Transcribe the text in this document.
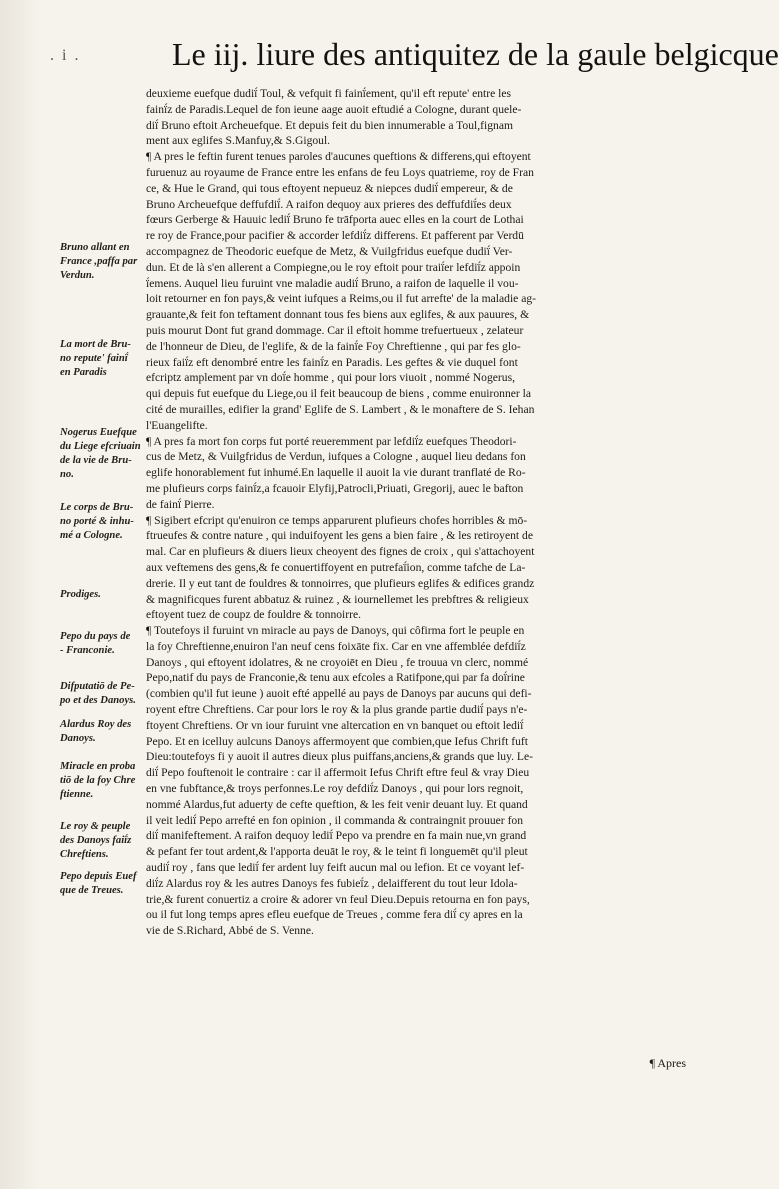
. i .	Le iij. liure des antiquitez de la gaule belgicque
deuxieme euefque dudiḯ Toul, & vefquit fi fainḯement, qu'il eft repute' entre les
fainḯz de Paradis.Lequel de fon ieune aage auoit eftudié a Cologne, durant quele-
diḯ Bruno eftoit Archeuefque. Et depuis feit du bien innumerable a Toul,fignam
ment aux eglifes S.Manfuy,& S.Gigoul.
¶ A pres le feftin furent tenues paroles d'aucunes queftions & differens,qui eftoyent
furuenuz au royaume de France entre les enfans de feu Loys quatrieme, roy de Fran
ce, & Hue le Grand, qui tous eftoyent nepueuz & niepces dudiḯ empereur, & de
Bruno Archeuefque deffufdiḯ. A raifon dequoy aux prieres des deffufdiḯes deux
fœurs Gerberge & Hauuic lediḯ Bruno fe trāfporta auec elles en la court de Lothai
re roy de France,pour pacifier & accorder lefdiḯz differens. Et pafferent par Verdū
accompagnez de Theodoric euefque de Metz, & Vuilgfridus euefque dudiḯ Ver-
dun. Et de là s'en allerent a Compiegne,ou le roy eftoit pour traiḯer lefdiḯz appoin
ḯemens. Auquel lieu furuint vne maladie audiḯ Bruno, a raifon de laquelle il vou-
loit retourner en fon pays,& veint iufques a Reims,ou il fut arrefte' de la maladie ag-
grauante,& feit fon teftament donnant tous fes biens aux eglifes, & aux pauures, &
puis mourut Dont fut grand dommage. Car il eftoit homme trefuertueux , zelateur
de l'honneur de Dieu, de l'eglife, & de la fainḯe Foy Chreftienne , qui par fes glo-
rieux faiḯz eft denombré entre les fainḯz en Paradis. Les geftes & vie duquel font
efcriptz amplement par vn doḯe homme , qui pour lors viuoit , nommé Nogerus,
qui depuis fut euefque du Liege,ou il feit beaucoup de biens , comme enuironner la
cité de murailles, edifier la grand' Eglife de S. Lambert , & le monaftere de S. Iehan
l'Euangelifte.
¶ A pres fa mort fon corps fut porté reueremment par lefdiḯz euefques Theodori-
cus de Metz, & Vuilgfridus de Verdun, iufques a Cologne , auquel lieu dedans fon
eglife honorablement fut inhumé.En laquelle il auoit la vie durant tranflaté de Ro-
me plufieurs corps fainḯz,a fcauoir Elyfij,Patrocli,Priuati, Gregorij, auec le bafton
de fainḯ Pierre.
¶ Sigibert efcript qu'enuiron ce temps apparurent plufieurs chofes horribles & mō-
ftrueufes & contre nature , qui induifoyent les gens a bien faire , & les retiroyent de
mal. Car en plufieurs & diuers lieux cheoyent des fignes de croix , qui s'attachoyent
aux veftemens des gens,& fe conuertiffoyent en putrefaḯion, comme tafche de La-
drerie. Il y eut tant de fouldres & tonnoirres, que plufieurs eglifes & edifices grandz
& magnificques furent abbatuz & ruinez , & iournellemet les prebftres & religieux
eftoyent tuez de coupz de fouldre & tonnoirre.
¶ Toutefoys il furuint vn miracle au pays de Danoys, qui côfirma fort le peuple en
la foy Chreftienne,enuiron l'an neuf cens foixāte fix. Car en vne affemblée defdiḯz
Danoys , qui eftoyent idolatres, & ne croyoiēt en Dieu , fe trouua vn clerc, nommé
Pepo,natif du pays de Franconie,& tenu aux efcoles a Ratifpone,qui par fa doḯrine
(combien qu'il fut ieune ) auoit efté appellé au pays de Danoys par aucuns qui defi-
royent eftre Chreftiens. Car pour lors le roy & la plus grande partie dudiḯ pays n'e-
ftoyent Chreftiens. Or vn iour furuint vne altercation en vn banquet ou eftoit lediḯ
Pepo. Et en icelluy aulcuns Danoys affermoyent que combien,que Iefus Chrift fuft
Dieu:toutefoys fi y auoit il autres dieux plus puiffans,anciens,& grands que luy. Le-
diḯ Pepo fouftenoit le contraire : car il affermoit Iefus Chrift eftre feul & vray Dieu
en vne fubftance,& troys perfonnes.Le roy defdiḯz Danoys , qui pour lors regnoit,
nommé Alardus,fut aduerty de cefte queftion, & les feit venir deuant luy. Et quand
il veit lediḯ Pepo arrefté en fon opinion , il commanda & contraingnit prouuer fon
diḯ manifeftement. A raifon dequoy lediḯ Pepo va prendre en fa main nue,vn grand
& pefant fer tout ardent,& l'apporta deuāt le roy, & le teint fi longuemēt qu'il pleut
audiḯ roy , fans que lediḯ fer ardent luy feift aucun mal ou lefion. Et ce voyant lef-
diḯz Alardus roy & les autres Danoys fes fubieḯz , delaifferent du tout leur Idola-
trie,& furent conuertiz a croire & adorer vn feul Dieu.Depuis retourna en fon pays,
ou il fut long temps apres efleu euefque de Treues , comme fera diḯ cy apres en la
vie de S.Richard, Abbé de S. Venne.
Bruno allant en
France ,paffa par
Verdun.
La mort de Bru-
no repute' fainḯ
en Paradis
Nogerus Euefque
du Liege efcriuain
de la vie de Bru-
no.
Le corps de Bru-
no porté & inhu-
mé a Cologne.
Prodiges.
Pepo du pays de
- Franconie.
Difputatiō de Pe-
po et des Danoys.
Alardus Roy des
Danoys.
Miracle en proba
tiō de la foy Chre
ftienne.
Le roy & peuple
des Danoys faiḯz
Chreftiens.
Pepo depuis Euef
que de Treues.
¶ Apres
